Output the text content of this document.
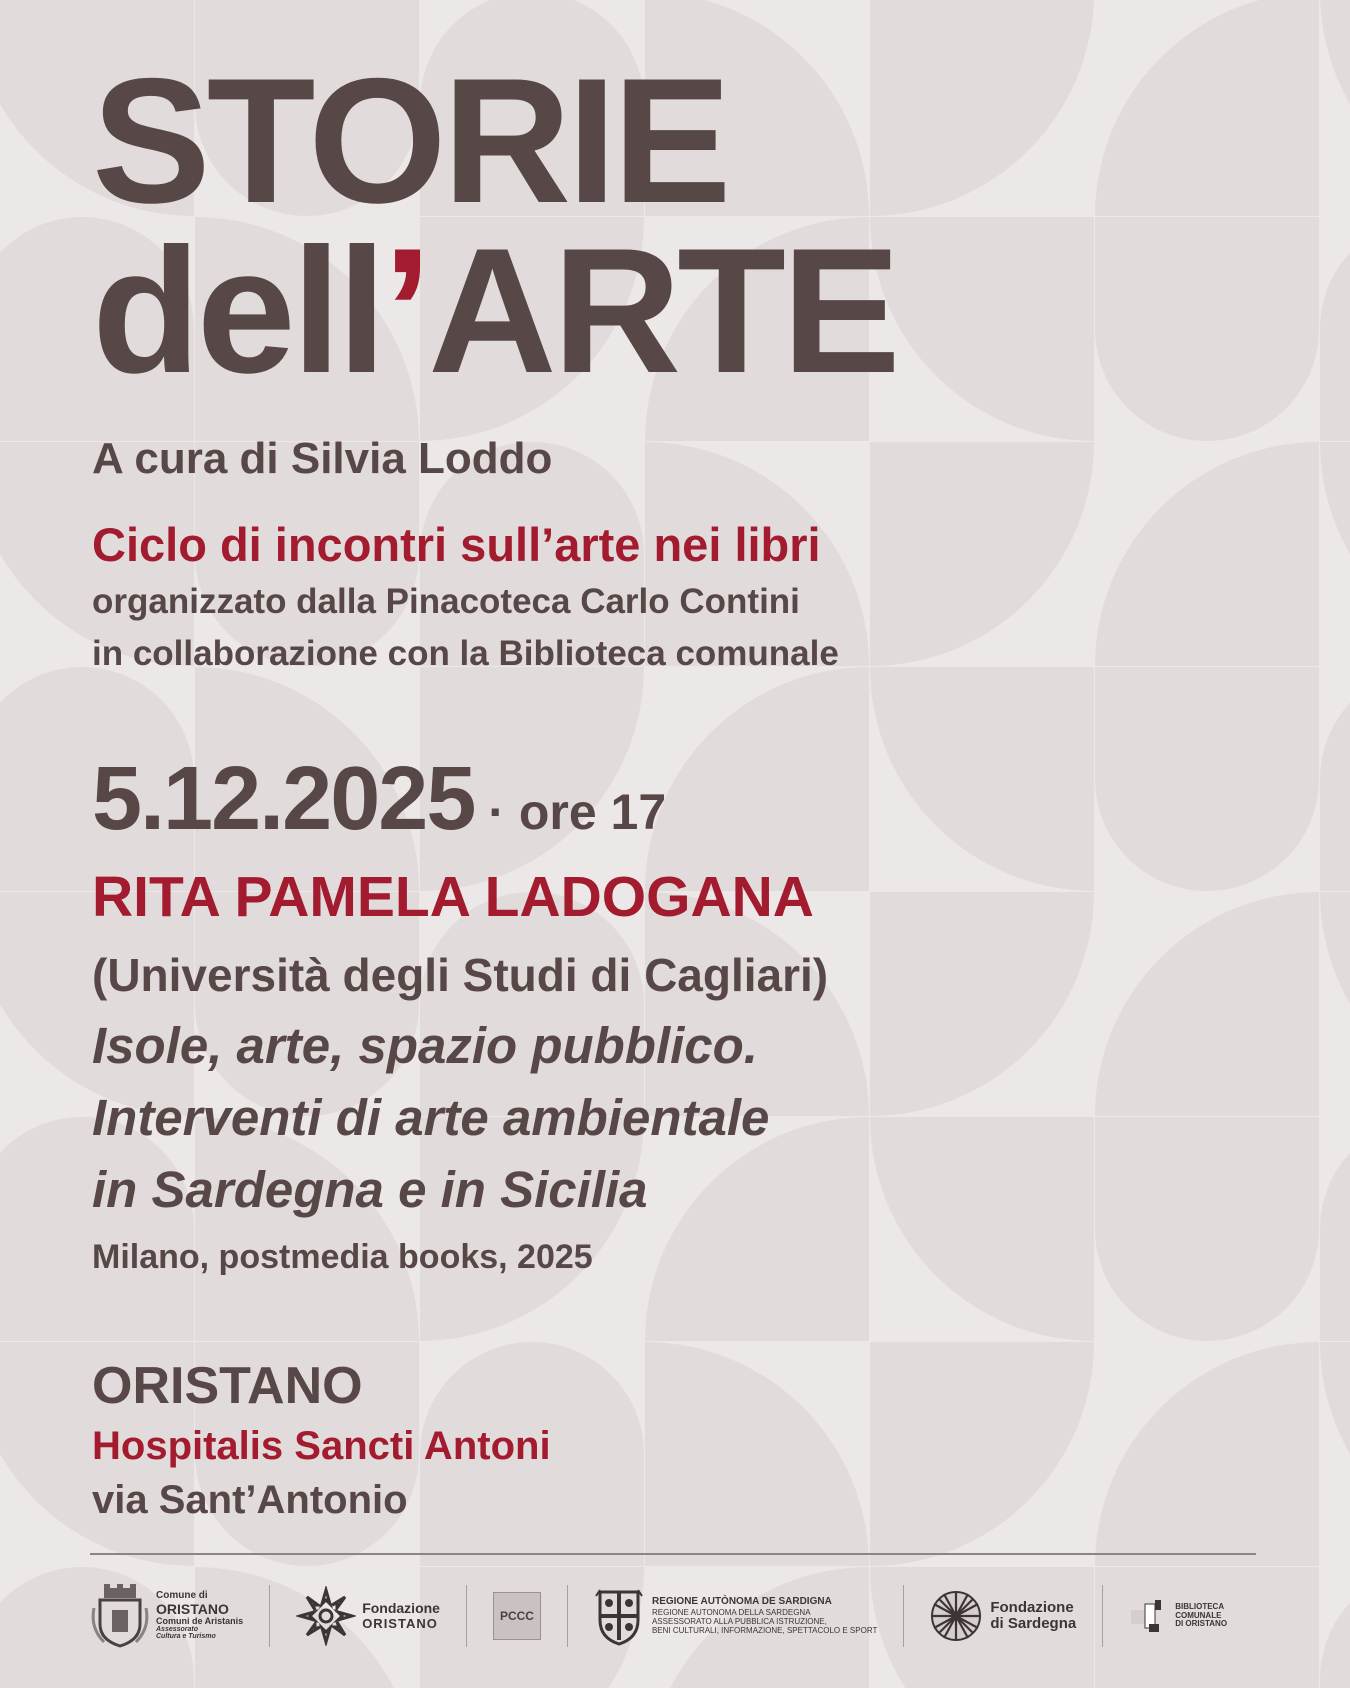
STORIE
dell’ARTE
A cura di Silvia Loddo
Ciclo di incontri sull’arte nei libri
organizzato dalla Pinacoteca Carlo Contini
in collaborazione con la Biblioteca comunale
5.12.2025 · ore 17
RITA PAMELA LADOGANA
(Università degli Studi di Cagliari)
Isole, arte, spazio pubblico.
Interventi di arte ambientale
in Sardegna e in Sicilia
Milano, postmedia books, 2025
ORISTANO
Hospitalis Sancti Antoni
via Sant’Antonio
Comune di
ORISTANO
Comuni de Aristanis
Assessorato
Cultura e Turismo
Fondazione
ORISTANO	PCCC
REGIONE AUTÒNOMA DE SARDIGNA
REGIONE AUTONOMA DELLA SARDEGNA
ASSESSORATO ALLA PUBBLICA ISTRUZIONE,
BENI CULTURALI, INFORMAZIONE, SPETTACOLO E SPORT
Fondazione
di Sardegna
BIBLIOTECA
COMUNALE
DI ORISTANO
